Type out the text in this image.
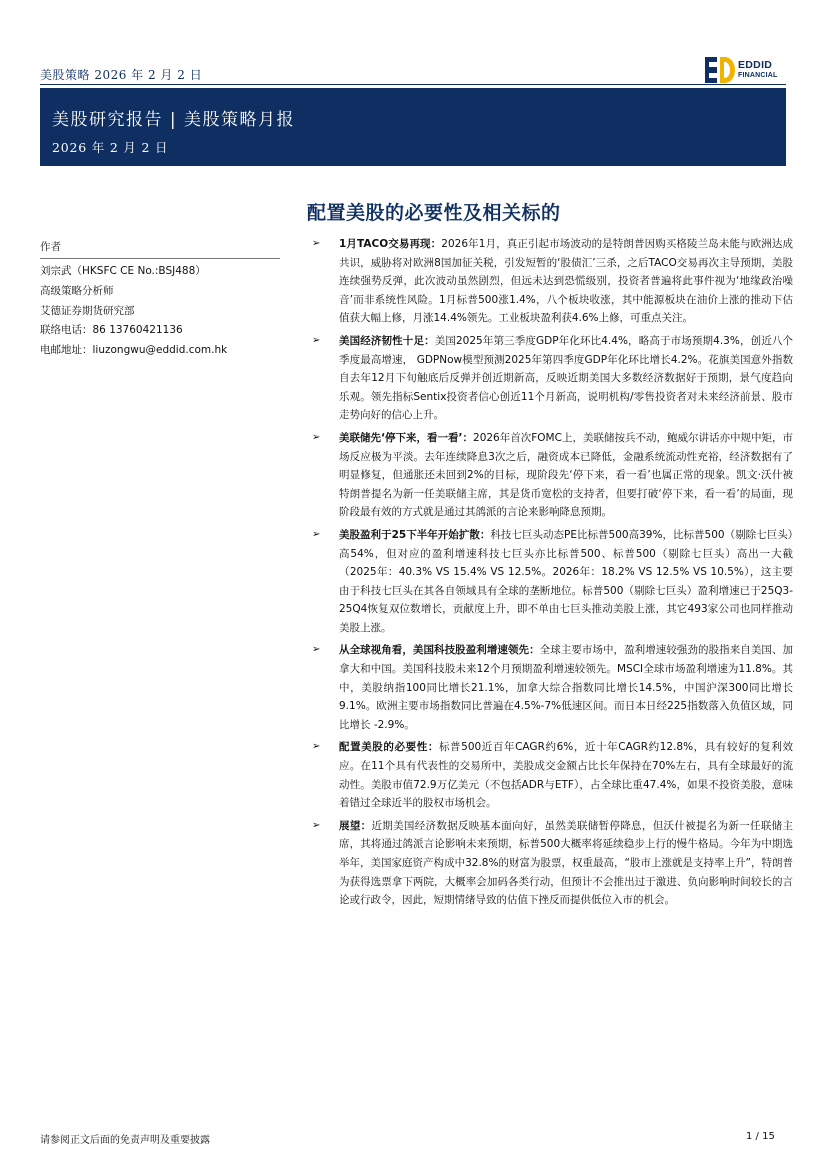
美股策略 2026 年 2 月 2 日
EDDID
FINANCIAL
美股研究报告 | 美股策略月报
2026 年 2 月 2 日
配置美股的必要性及相关标的
作者
刘宗武（HKSFC CE No.:BSJ488）
高级策略分析师
艾德证券期货研究部
联络电话：86 13760421136
电邮地址：liuzongwu@eddid.com.hk
➢ 1月TACO交易再现：2026年1月，真正引起市场波动的是特朗普因购买格陵兰岛未能与欧洲达成共识，威胁将对欧洲8国加征关税，引发短暂的‘股债汇’三杀，之后TACO交易再次主导预期，美股连续强势反弹，此次波动虽然剧烈，但远未达到恐慌级别，投资者普遍将此事件视为‘地缘政治噪音’而非系统性风险。1月标普500涨1.4%，八个板块收涨，其中能源板块在油价上涨的推动下估值获大幅上修，月涨14.4%领先。工业板块盈利获4.6%上修，可重点关注。
➢ 美国经济韧性十足：美国2025年第三季度GDP年化环比4.4%，略高于市场预期4.3%，创近八个季度最高增速， GDPNow模型预测2025年第四季度GDP年化环比增长4.2%。花旗美国意外指数自去年12月下旬触底后反弹并创近期新高，反映近期美国大多数经济数据好于预期，景气度趋向乐观。领先指标Sentix投资者信心创近11个月新高，说明机构/零售投资者对未来经济前景、股市走势向好的信心上升。
➢ 美联储先‘停下来，看一看’：2026年首次FOMC上，美联储按兵不动，鲍威尔讲话亦中规中矩，市场反应极为平淡。去年连续降息3次之后，融资成本已降低，金融系统流动性充裕，经济数据有了明显修复，但通胀还未回到2%的目标，现阶段先‘停下来，看一看’也属正常的现象。凯文·沃什被特朗普提名为新一任美联储主席，其是货币宽松的支持者，但要打破‘停下来，看一看’的局面，现阶段最有效的方式就是通过其鸽派的言论来影响降息预期。
➢ 美股盈利于25下半年开始扩散：科技七巨头动态PE比标普500高39%，比标普500（剔除七巨头）高54%，但对应的盈利增速科技七巨头亦比标普500、标普500（剔除七巨头）高出一大截（2025年：40.3% VS 15.4% VS 12.5%。2026年：18.2% VS 12.5% VS 10.5%），这主要由于科技七巨头在其各自领域具有全球的垄断地位。标普500（剔除七巨头）盈利增速已于25Q3-25Q4恢复双位数增长，贡献度上升，即不单由七巨头推动美股上涨，其它493家公司也同样推动美股上涨。
➢ 从全球视角看，美国科技股盈利增速领先：全球主要市场中，盈利增速较强劲的股指来自美国、加拿大和中国。美国科技股未来12个月预期盈利增速较领先。MSCI全球市场盈利增速为11.8%。其中，美股纳指100同比增长21.1%，加拿大综合指数同比增长14.5%，中国沪深300同比增长9.1%。欧洲主要市场指数同比普遍在4.5%-7%低速区间。而日本日经225指数落入负值区域，同比增长 -2.9%。
➢ 配置美股的必要性：标普500近百年CAGR约6%，近十年CAGR约12.8%，具有较好的复利效应。在11个具有代表性的交易所中，美股成交金额占比长年保持在70%左右，具有全球最好的流动性。美股市值72.9万亿美元（不包括ADR与ETF），占全球比重47.4%，如果不投资美股，意味着错过全球近半的股权市场机会。
➢ 展望：近期美国经济数据反映基本面向好，虽然美联储暂停降息，但沃什被提名为新一任联储主席，其将通过鸽派言论影响未来预期，标普500大概率将延续稳步上行的慢牛格局。今年为中期选举年，美国家庭资产构成中32.8%的财富为股票，权重最高，“股市上涨就是支持率上升”，特朗普为获得选票拿下两院，大概率会加码各类行动，但预计不会推出过于激进、负向影响时间较长的言论或行政令，因此，短期情绪导致的估值下挫反而提供低位入市的机会。
请参阅正文后面的免责声明及重要披露	1 / 15
